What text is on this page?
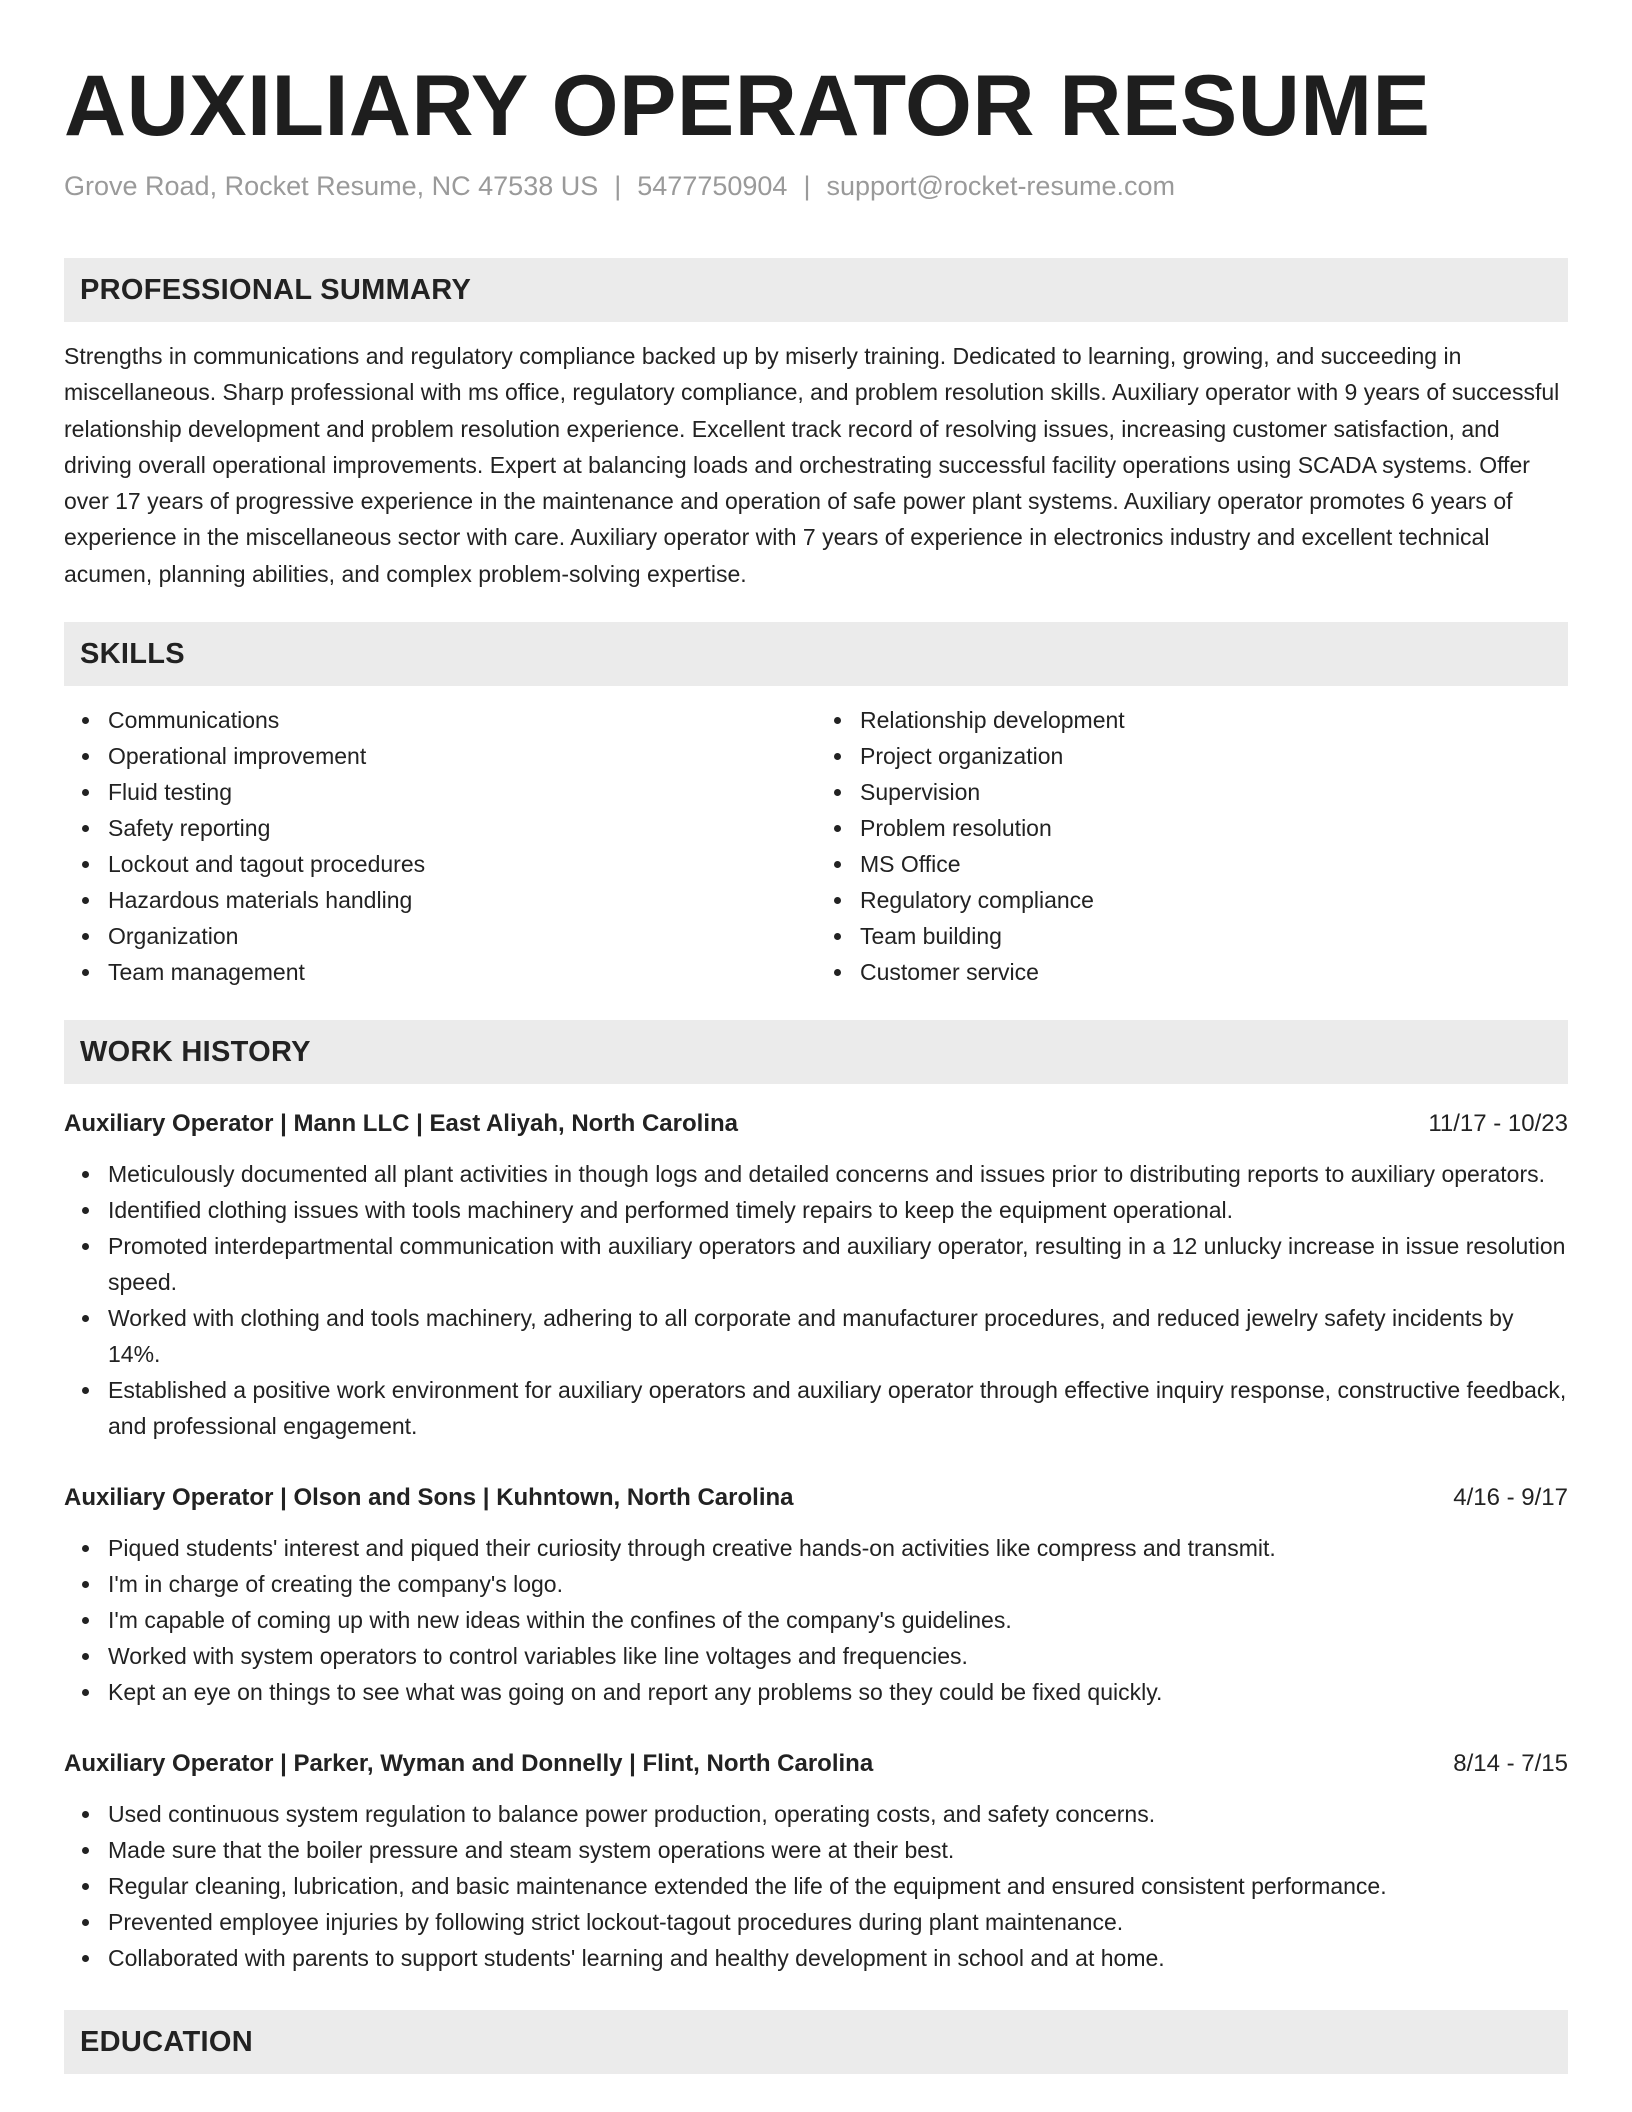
AUXILIARY OPERATOR RESUME
Grove Road, Rocket Resume, NC 47538 US | 5477750904 | support@rocket-resume.com
PROFESSIONAL SUMMARY
Strengths in communications and regulatory compliance backed up by miserly training. Dedicated to learning, growing, and succeeding in miscellaneous. Sharp professional with ms office, regulatory compliance, and problem resolution skills. Auxiliary operator with 9 years of successful relationship development and problem resolution experience. Excellent track record of resolving issues, increasing customer satisfaction, and driving overall operational improvements. Expert at balancing loads and orchestrating successful facility operations using SCADA systems. Offer over 17 years of progressive experience in the maintenance and operation of safe power plant systems. Auxiliary operator promotes 6 years of experience in the miscellaneous sector with care. Auxiliary operator with 7 years of experience in electronics industry and excellent technical acumen, planning abilities, and complex problem-solving expertise.
SKILLS
Communications
Operational improvement
Fluid testing
Safety reporting
Lockout and tagout procedures
Hazardous materials handling
Organization
Team management
Relationship development
Project organization
Supervision
Problem resolution
MS Office
Regulatory compliance
Team building
Customer service
WORK HISTORY
Auxiliary Operator | Mann LLC | East Aliyah, North Carolina	11/17 - 10/23
Meticulously documented all plant activities in though logs and detailed concerns and issues prior to distributing reports to auxiliary operators.
Identified clothing issues with tools machinery and performed timely repairs to keep the equipment operational.
Promoted interdepartmental communication with auxiliary operators and auxiliary operator, resulting in a 12 unlucky increase in issue resolution speed.
Worked with clothing and tools machinery, adhering to all corporate and manufacturer procedures, and reduced jewelry safety incidents by 14%.
Established a positive work environment for auxiliary operators and auxiliary operator through effective inquiry response, constructive feedback, and professional engagement.
Auxiliary Operator | Olson and Sons | Kuhntown, North Carolina	4/16 - 9/17
Piqued students' interest and piqued their curiosity through creative hands-on activities like compress and transmit.
I'm in charge of creating the company's logo.
I'm capable of coming up with new ideas within the confines of the company's guidelines.
Worked with system operators to control variables like line voltages and frequencies.
Kept an eye on things to see what was going on and report any problems so they could be fixed quickly.
Auxiliary Operator | Parker, Wyman and Donnelly | Flint, North Carolina	8/14 - 7/15
Used continuous system regulation to balance power production, operating costs, and safety concerns.
Made sure that the boiler pressure and steam system operations were at their best.
Regular cleaning, lubrication, and basic maintenance extended the life of the equipment and ensured consistent performance.
Prevented employee injuries by following strict lockout-tagout procedures during plant maintenance.
Collaborated with parents to support students' learning and healthy development in school and at home.
EDUCATION
